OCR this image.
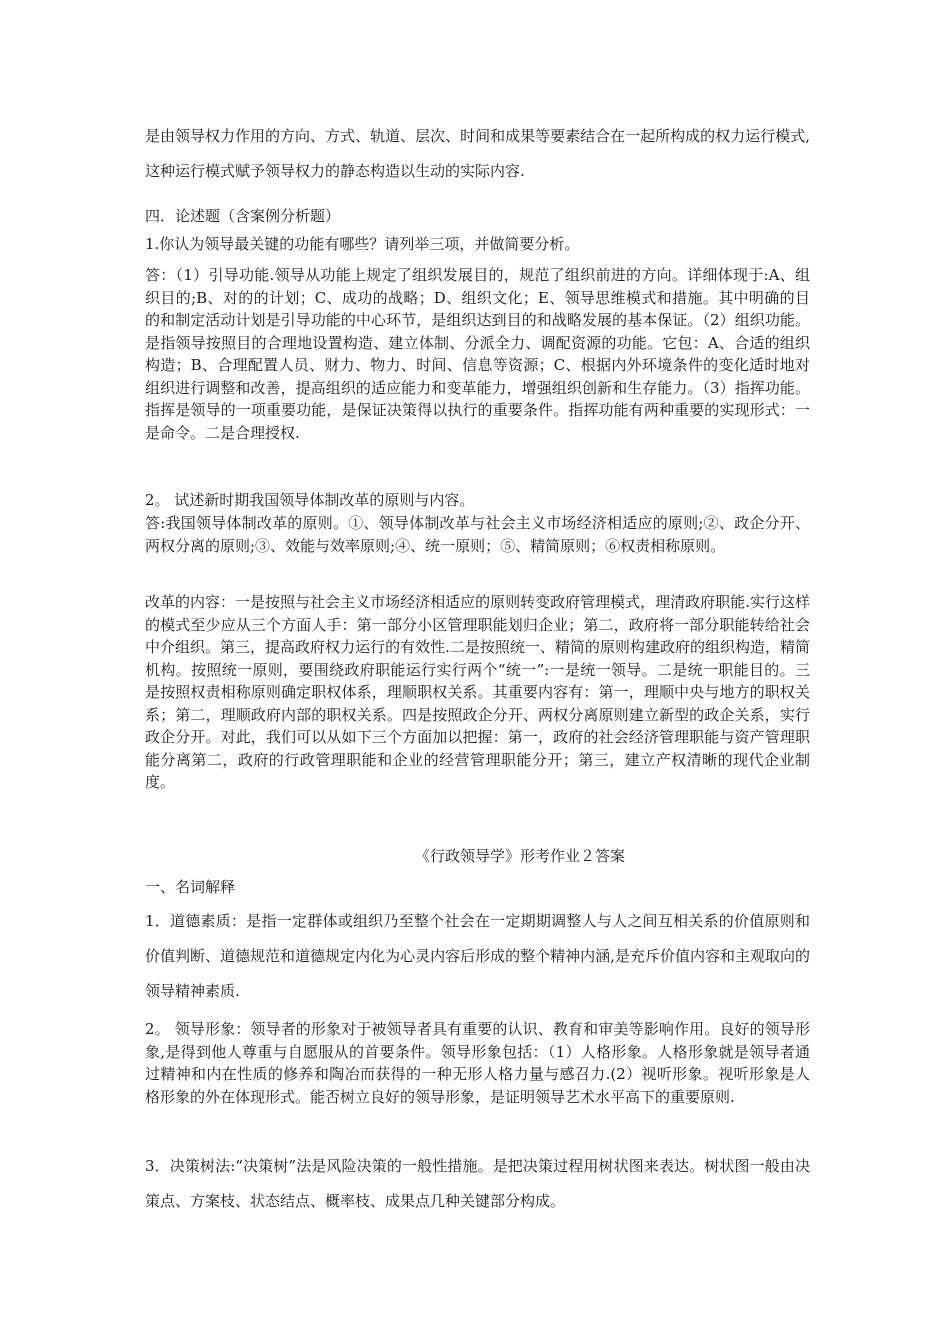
是由领导权力作用的方向、方式、轨道、层次、时间和成果等要素结合在一起所构成的权力运行模式,这种运行模式赋予领导权力的静态构造以生动的实际内容.

四．论述题（含案例分析题）

1.你认为领导最关键的功能有哪些？请列举三项，并做简要分析。

答：（1）引导功能.领导从功能上规定了组织发展目的，规范了组织前进的方向。详细体现于:A、组织目的;B、对的的计划；C、成功的战略；D、组织文化；E、领导思维模式和措施。其中明确的目的和制定活动计划是引导功能的中心环节，是组织达到目的和战略发展的基本保证。（2）组织功能。是指领导按照目的合理地设置构造、建立体制、分派全力、调配资源的功能。它包：A、合适的组织构造；B、合理配置人员、财力、物力、时间、信息等资源；C、根据内外环境条件的变化适时地对组织进行调整和改善，提高组织的适应能力和变革能力，增强组织创新和生存能力。（3）指挥功能。指挥是领导的一项重要功能，是保证决策得以执行的重要条件。指挥功能有两种重要的实现形式：一是命令。二是合理授权.

2。 试述新时期我国领导体制改革的原则与内容。

答:我国领导体制改革的原则。①、领导体制改革与社会主义市场经济相适应的原则;②、政企分开、两权分离的原则;③、效能与效率原则;④、统一原则；⑤、精简原则；⑥权责相称原则。

改革的内容：一是按照与社会主义市场经济相适应的原则转变政府管理模式，理清政府职能.实行这样的模式至少应从三个方面人手：第一部分小区管理职能划归企业；第二，政府将一部分职能转给社会中介组织。第三，提高政府权力运行的有效性.二是按照统一、精简的原则构建政府的组织构造，精简机构。按照统一原则，要围绕政府职能运行实行两个“统一”:一是统一领导。二是统一职能目的。三是按照权责相称原则确定职权体系，理顺职权关系。其重要内容有：第一，理顺中央与地方的职权关系；第二，理顺政府内部的职权关系。四是按照政企分开、两权分离原则建立新型的政企关系，实行政企分开。对此，我们可以从如下三个方面加以把握：第一，政府的社会经济管理职能与资产管理职能分离第二，政府的行政管理职能和企业的经营管理职能分开；第三，建立产权清晰的现代企业制度。

《行政领导学》形考作业２答案

一、名词解释

1．道德素质：是指一定群体或组织乃至整个社会在一定期期调整人与人之间互相关系的价值原则和价值判断、道德规范和道德规定内化为心灵内容后形成的整个精神内涵,是充斥价值内容和主观取向的领导精神素质.

2。 领导形象：领导者的形象对于被领导者具有重要的认识、教育和审美等影响作用。良好的领导形象,是得到他人尊重与自愿服从的首要条件。领导形象包括：（1）人格形象。人格形象就是领导者通过精神和内在性质的修养和陶冶而获得的一种无形人格力量与感召力.(2）视听形象。视听形象是人格形象的外在体现形式。能否树立良好的领导形象，是证明领导艺术水平高下的重要原则.

3．决策树法:“决策树”法是风险决策的一般性措施。是把决策过程用树状图来表达。树状图一般由决策点、方案枝、状态结点、概率枝、成果点几种关键部分构成。
